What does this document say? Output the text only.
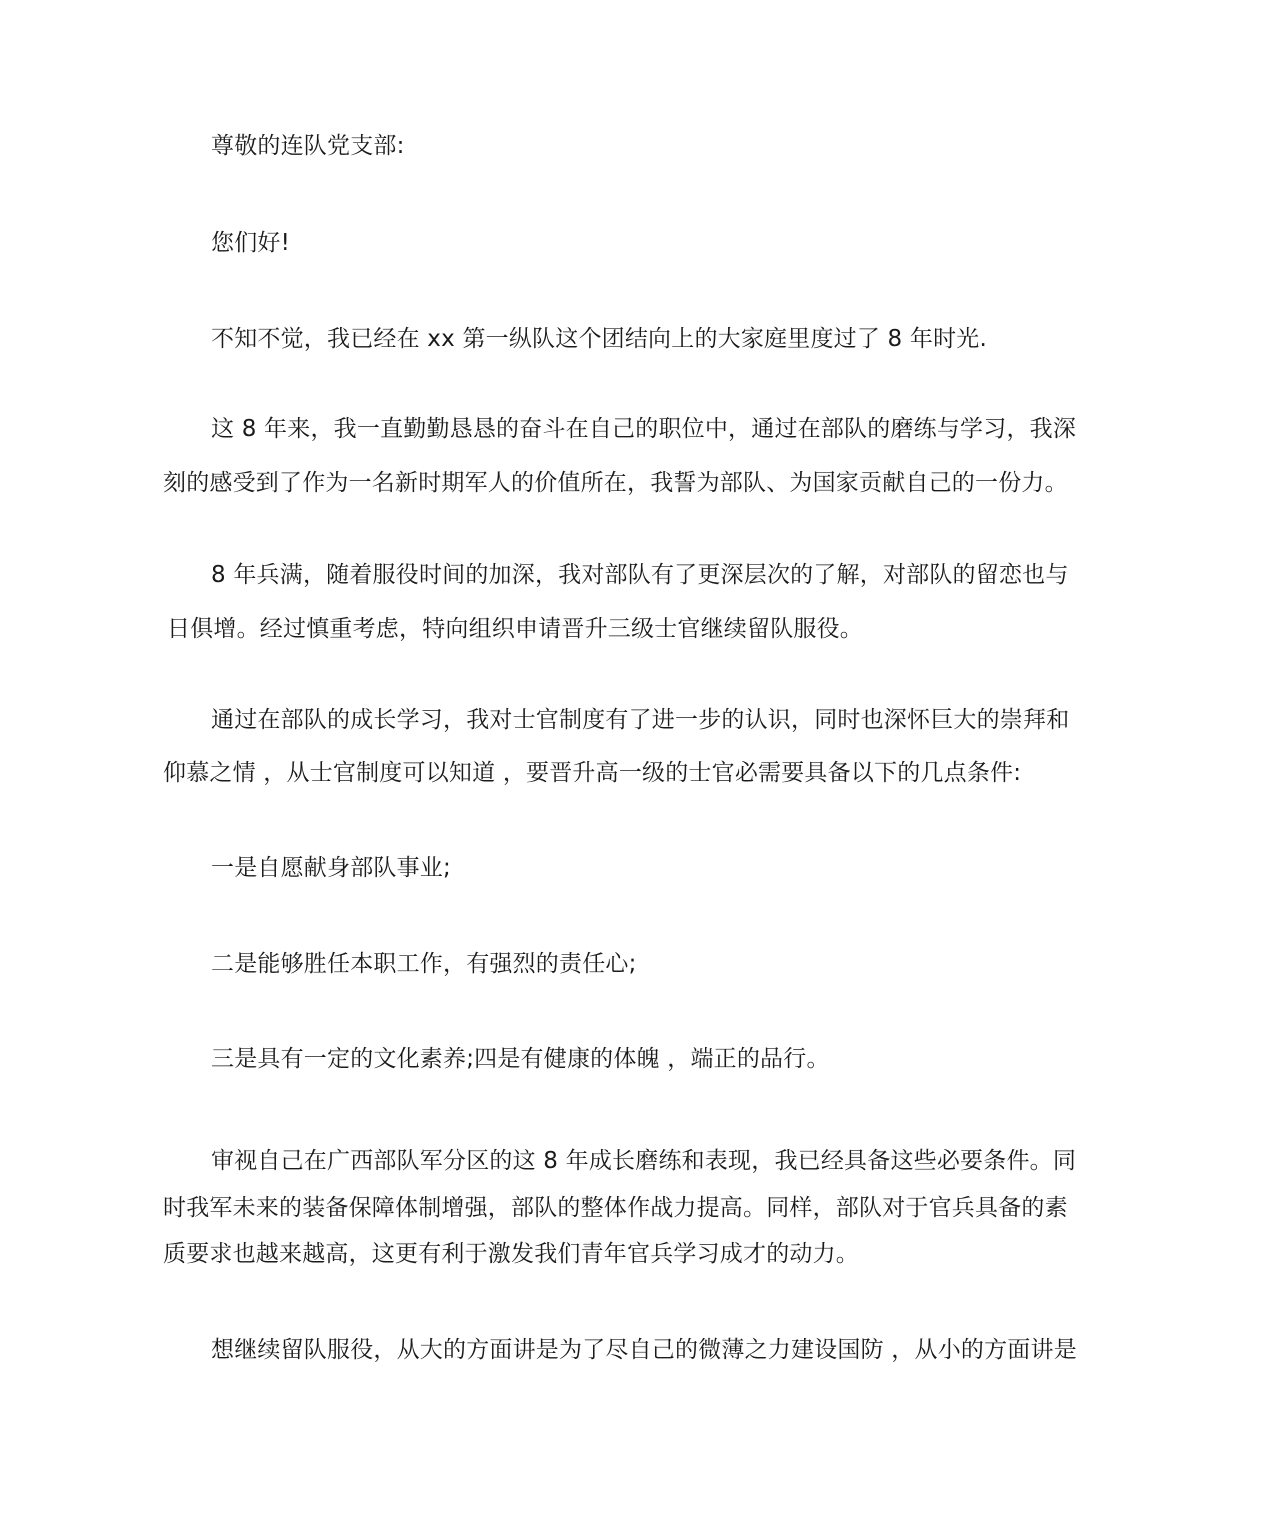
尊敬的连队党支部:
您们好!
不知不觉，我已经在 xx 第一纵队这个团结向上的大家庭里度过了 8 年时光.
这 8 年来，我一直勤勤恳恳的奋斗在自己的职位中，通过在部队的磨练与学习，我深
刻的感受到了作为一名新时期军人的价值所在，我誓为部队、为国家贡献自己的一份力。
8 年兵满，随着服役时间的加深，我对部队有了更深层次的了解，对部队的留恋也与
日俱增。经过慎重考虑，特向组织申请晋升三级士官继续留队服役。
通过在部队的成长学习，我对士官制度有了进一步的认识，同时也深怀巨大的崇拜和
仰慕之情 ，从士官制度可以知道 ，要晋升高一级的士官必需要具备以下的几点条件:
一是自愿献身部队事业;
二是能够胜任本职工作，有强烈的责任心;
三是具有一定的文化素养;四是有健康的体魄 ，端正的品行。
审视自己在广西部队军分区的这 8 年成长磨练和表现，我已经具备这些必要条件。同
时我军未来的装备保障体制增强，部队的整体作战力提高。同样，部队对于官兵具备的素
质要求也越来越高，这更有利于激发我们青年官兵学习成才的动力。
想继续留队服役，从大的方面讲是为了尽自己的微薄之力建设国防 ，从小的方面讲是
